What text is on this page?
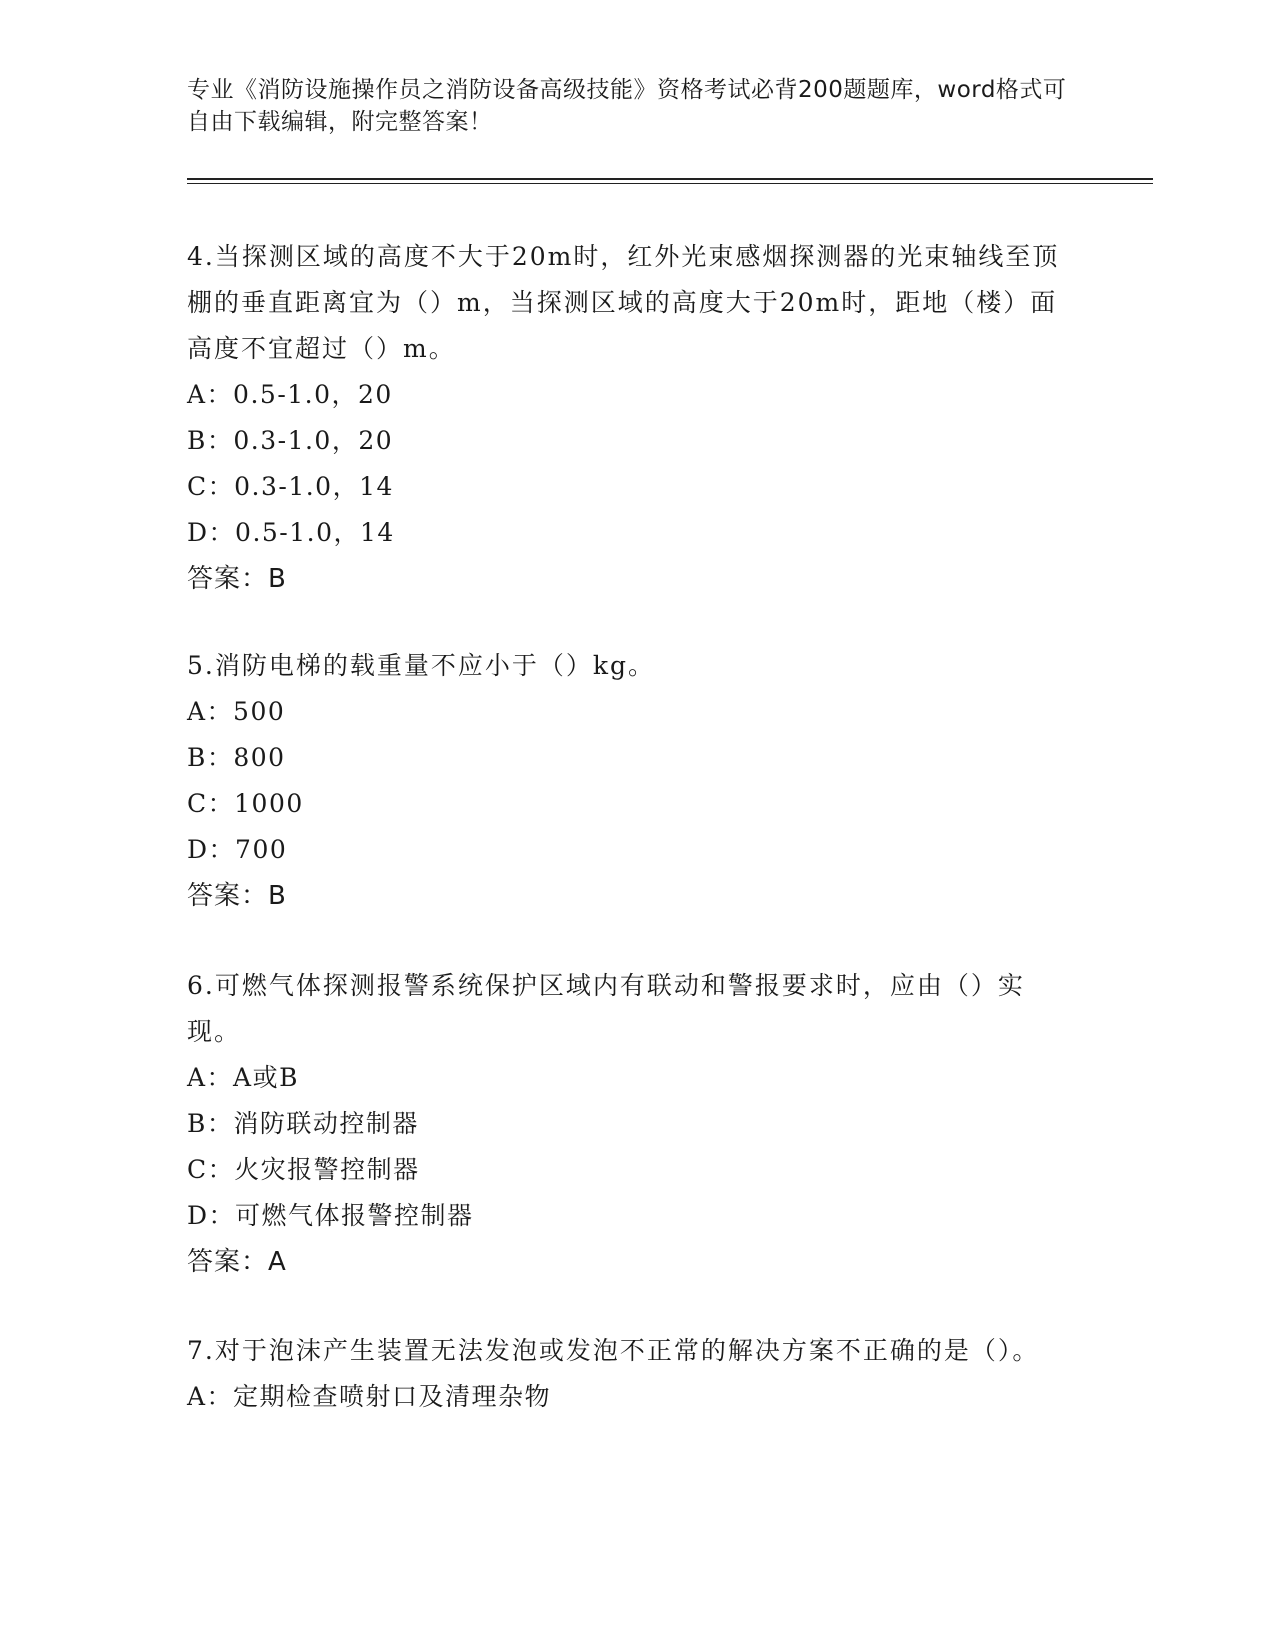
专业《消防设施操作员之消防设备高级技能》资格考试必背200题题库，word格式可自由下载编辑，附完整答案！
4.当探测区域的高度不大于20m时，红外光束感烟探测器的光束轴线至顶棚的垂直距离宜为（）m，当探测区域的高度大于20m时，距地（楼）面高度不宜超过（）m。
A：0.5-1.0，20
B：0.3-1.0，20
C：0.3-1.0，14
D：0.5-1.0，14
答案：B
5.消防电梯的载重量不应小于（）kg。
A：500
B：800
C：1000
D：700
答案：B
6.可燃气体探测报警系统保护区域内有联动和警报要求时，应由（）实现。
A：A或B
B：消防联动控制器
C：火灾报警控制器
D：可燃气体报警控制器
答案：A
7.对于泡沫产生装置无法发泡或发泡不正常的解决方案不正确的是（）。
A：定期检查喷射口及清理杂物
